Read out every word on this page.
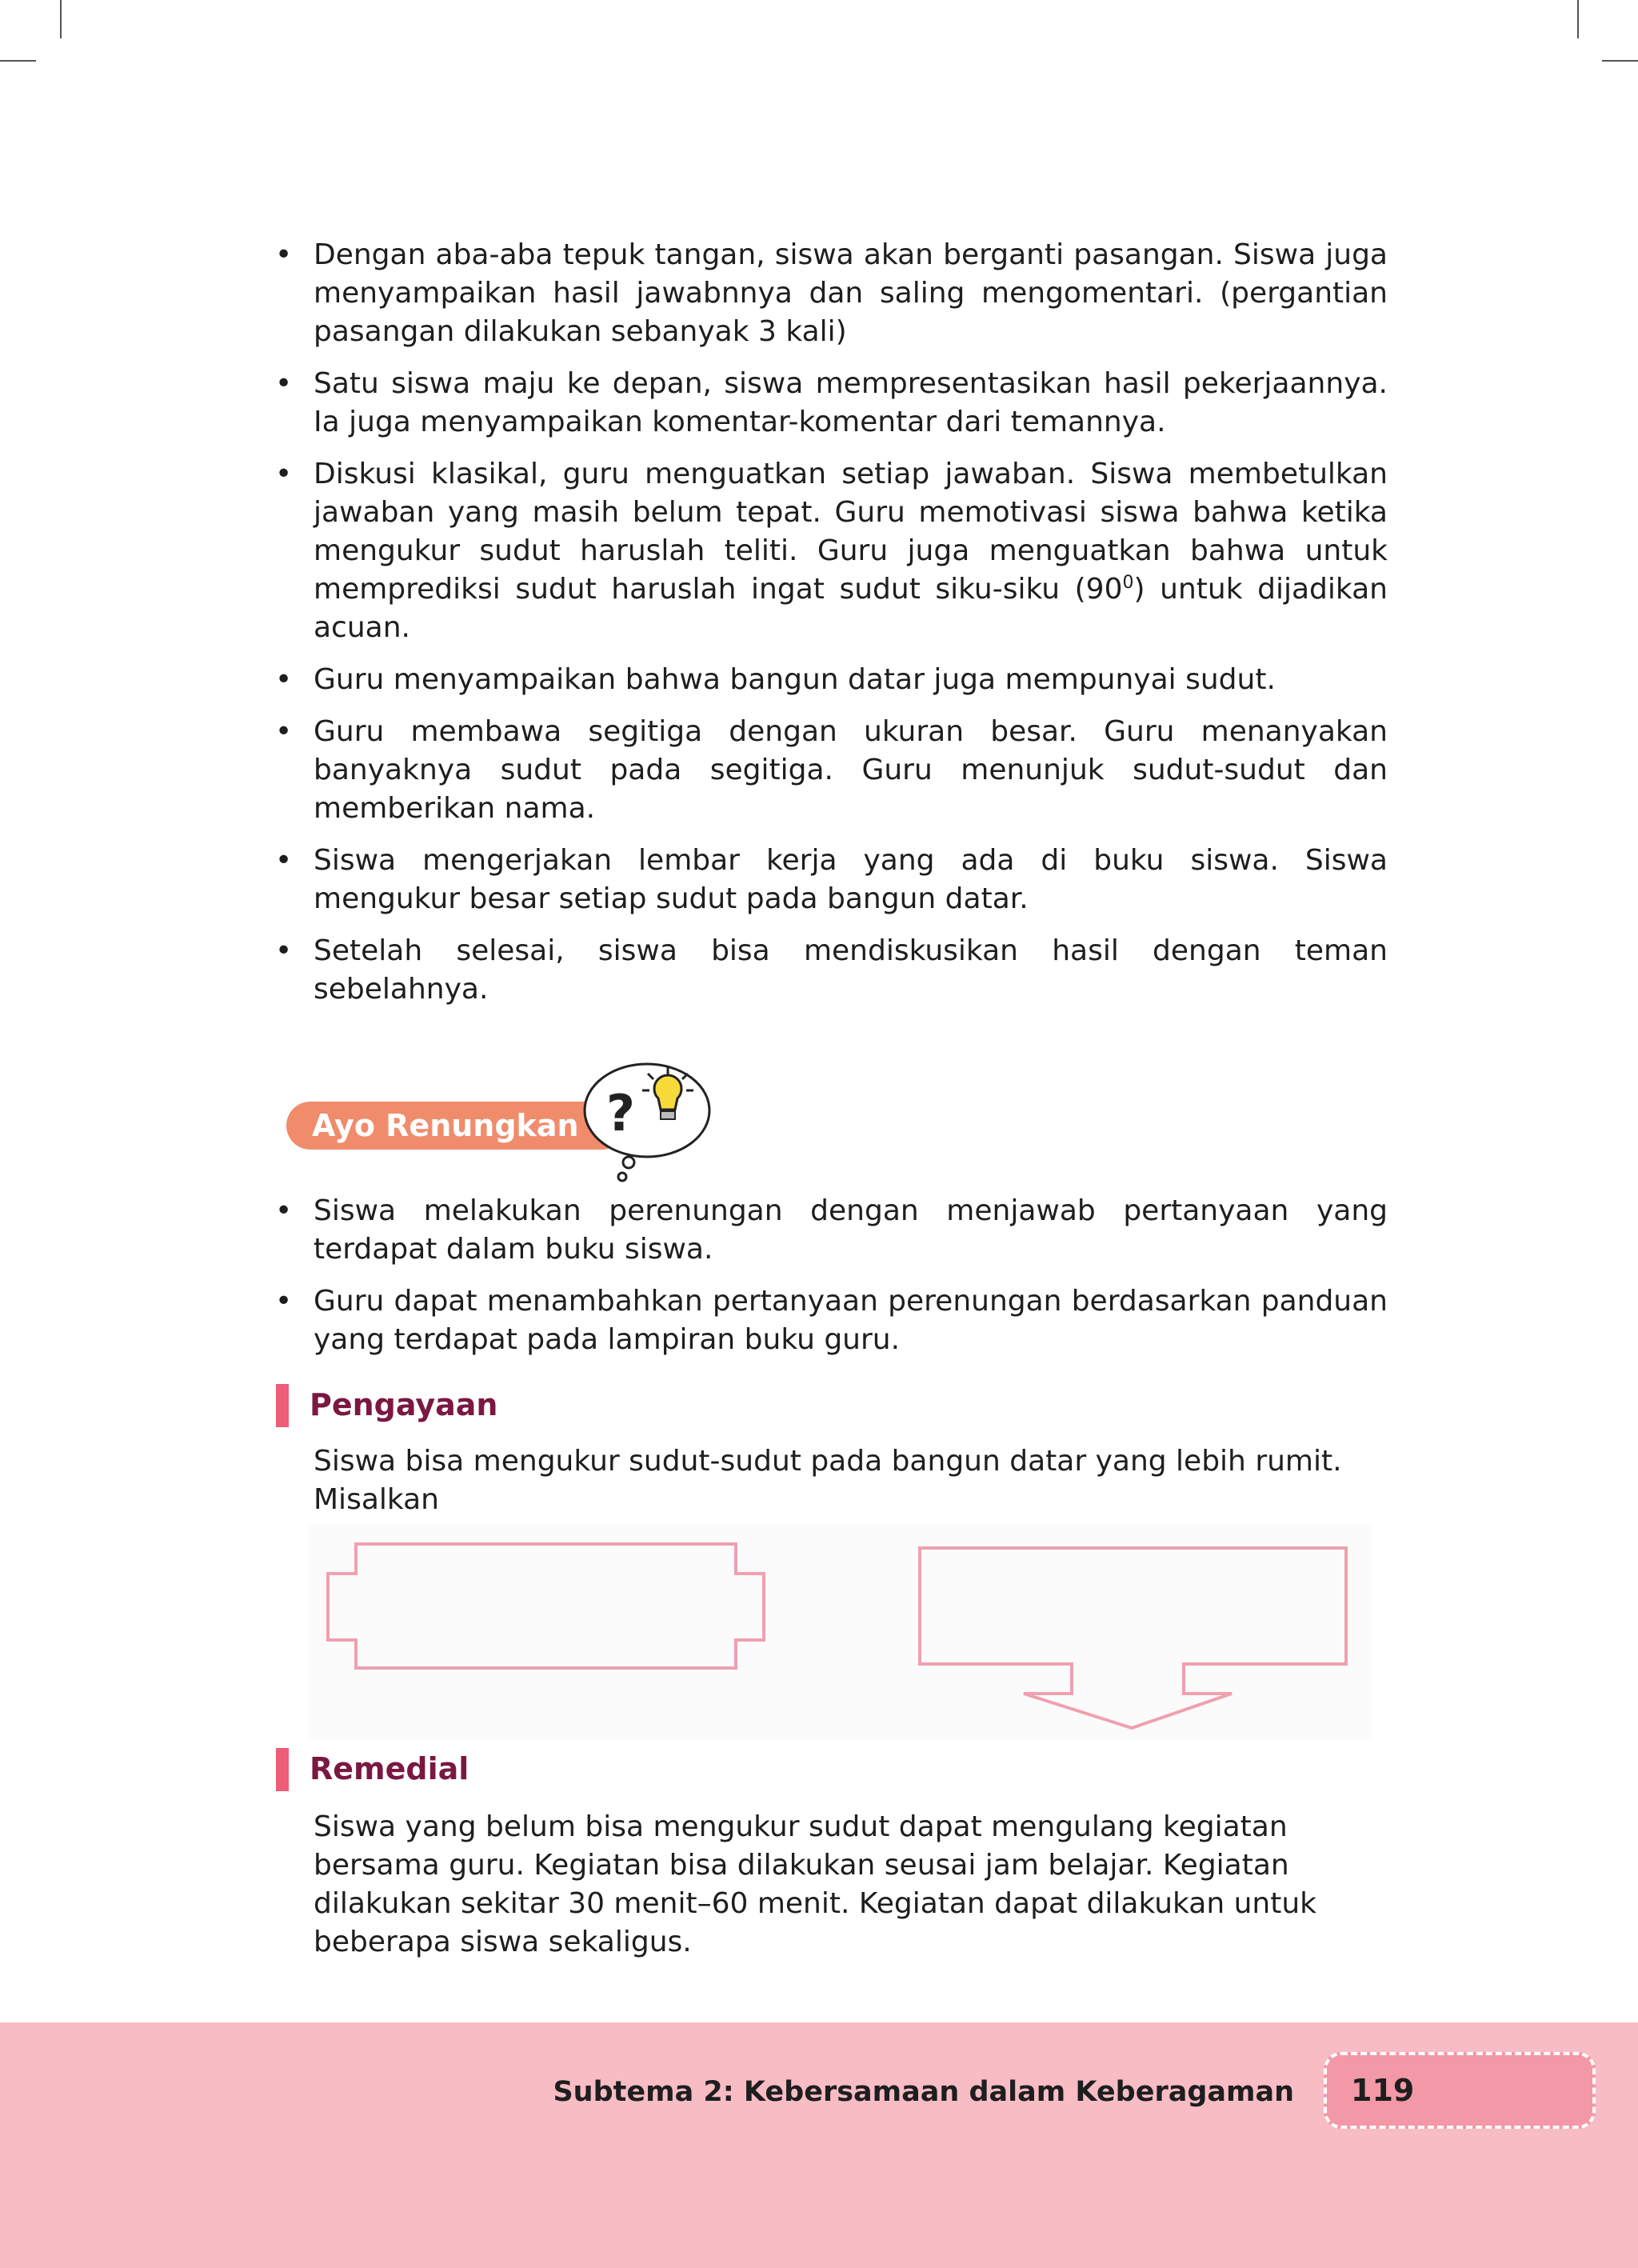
• Dengan aba-aba tepuk tangan, siswa akan berganti pasangan. Siswa juga menyampaikan hasil jawabnnya dan saling mengomentari. (pergantian pasangan dilakukan sebanyak 3 kali)
• Satu siswa maju ke depan, siswa mempresentasikan hasil pekerjaannya. Ia juga menyampaikan komentar-komentar dari temannya.
• Diskusi klasikal, guru menguatkan setiap jawaban. Siswa membetulkan jawaban yang masih belum tepat. Guru memotivasi siswa bahwa ketika mengukur sudut haruslah teliti. Guru juga menguatkan bahwa untuk memprediksi sudut haruslah ingat sudut siku-siku $(90^0)$ untuk dijadikan acuan.
• Guru menyampaikan bahwa bangun datar juga mempunyai sudut.
• Guru membawa segitiga dengan ukuran besar. Guru menanyakan banyaknya sudut pada segitiga. Guru menunjuk sudut-sudut dan memberikan nama.
• Siswa mengerjakan lembar kerja yang ada di buku siswa. Siswa mengukur besar setiap sudut pada bangun datar.
• Setelah selesai, siswa bisa mendiskusikan hasil dengan teman sebelahnya.
Ayo Renungkan ?
• Siswa melakukan perenungan dengan menjawab pertanyaan yang terdapat dalam buku siswa.
• Guru dapat menambahkan pertanyaan perenungan berdasarkan panduan yang terdapat pada lampiran buku guru.
Pengayaan
Siswa bisa mengukur sudut-sudut pada bangun datar yang lebih rumit. Misalkan
Remedial
Siswa yang belum bisa mengukur sudut dapat mengulang kegiatan bersama guru. Kegiatan bisa dilakukan seusai jam belajar. Kegiatan dilakukan sekitar 30 menit–60 menit. Kegiatan dapat dilakukan untuk beberapa siswa sekaligus.
Subtema 2: Kebersamaan dalam Keberagaman 119
